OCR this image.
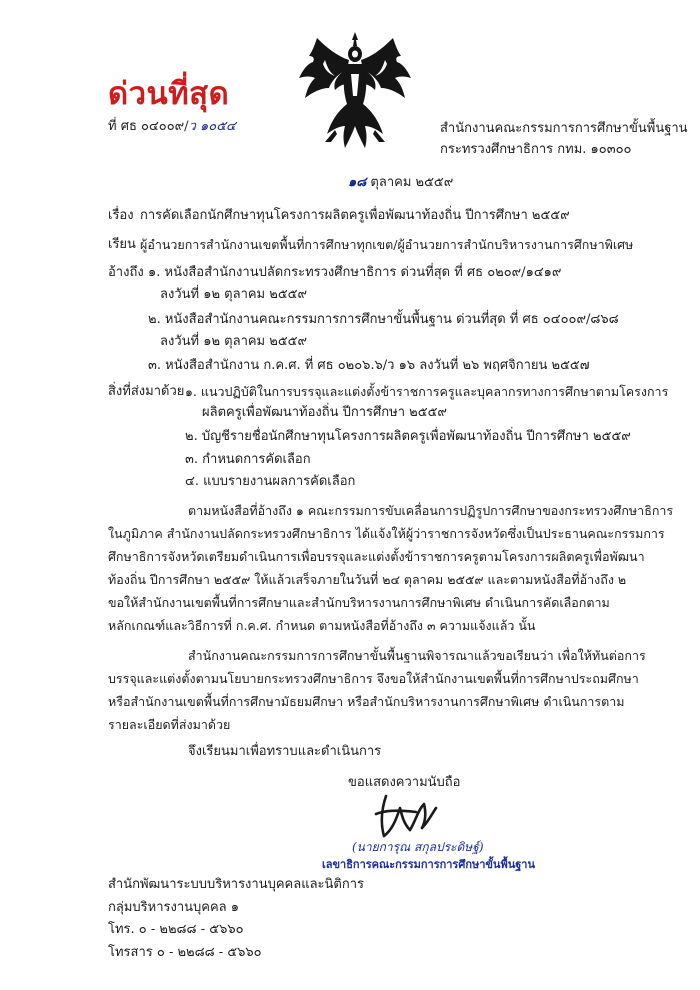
ด่วนที่สุด
ที่ ศธ ๐๔๐๐๙/ว ๑๐๕๔	สำนักงานคณะกรรมการการศึกษาขั้นพื้นฐาน
กระทรวงศึกษาธิการ กทม. ๑๐๓๐๐
๑๘ ตุลาคม ๒๕๕๙
เรื่อง การคัดเลือกนักศึกษาทุนโครงการผลิตครูเพื่อพัฒนาท้องถิ่น ปีการศึกษา ๒๕๕๙
เรียน ผู้อำนวยการสำนักงานเขตพื้นที่การศึกษาทุกเขต/ผู้อำนวยการสำนักบริหารงานการศึกษาพิเศษ
อ้างถึง ๑. หนังสือสำนักงานปลัดกระทรวงศึกษาธิการ ด่วนที่สุด ที่ ศธ ๐๒๐๙/๑๔๑๙
ลงวันที่ ๑๒ ตุลาคม ๒๕๕๙
๒. หนังสือสำนักงานคณะกรรมการการศึกษาขั้นพื้นฐาน ด่วนที่สุด ที่ ศธ ๐๔๐๐๙/๘๖๘
ลงวันที่ ๑๒ ตุลาคม ๒๕๕๙
๓. หนังสือสำนักงาน ก.ค.ศ. ที่ ศธ ๐๒๐๖.๖/ว ๑๖ ลงวันที่ ๒๖ พฤศจิกายน ๒๕๕๗
สิ่งที่ส่งมาด้วย ๑. แนวปฏิบัติในการบรรจุและแต่งตั้งข้าราชการครูและบุคลากรทางการศึกษาตามโครงการ
ผลิตครูเพื่อพัฒนาท้องถิ่น ปีการศึกษา ๒๕๕๙
๒. บัญชีรายชื่อนักศึกษาทุนโครงการผลิตครูเพื่อพัฒนาท้องถิ่น ปีการศึกษา ๒๕๕๙
๓. กำหนดการคัดเลือก
๔. แบบรายงานผลการคัดเลือก
ตามหนังสือที่อ้างถึง ๑ คณะกรรมการขับเคลื่อนการปฏิรูปการศึกษาของกระทรวงศึกษาธิการ
ในภูมิภาค สำนักงานปลัดกระทรวงศึกษาธิการ ได้แจ้งให้ผู้ว่าราชการจังหวัดซึ่งเป็นประธานคณะกรรมการ
ศึกษาธิการจังหวัดเตรียมดำเนินการเพื่อบรรจุและแต่งตั้งข้าราชการครูตามโครงการผลิตครูเพื่อพัฒนา
ท้องถิ่น ปีการศึกษา ๒๕๕๙ ให้แล้วเสร็จภายในวันที่ ๒๔ ตุลาคม ๒๕๕๙ และตามหนังสือที่อ้างถึง ๒
ขอให้สำนักงานเขตพื้นที่การศึกษาและสำนักบริหารงานการศึกษาพิเศษ ดำเนินการคัดเลือกตาม
หลักเกณฑ์และวิธีการที่ ก.ค.ศ. กำหนด ตามหนังสือที่อ้างถึง ๓ ความแจ้งแล้ว นั้น
สำนักงานคณะกรรมการการศึกษาขั้นพื้นฐานพิจารณาแล้วขอเรียนว่า เพื่อให้ทันต่อการ
บรรจุและแต่งตั้งตามนโยบายกระทรวงศึกษาธิการ จึงขอให้สำนักงานเขตพื้นที่การศึกษาประถมศึกษา
หรือสำนักงานเขตพื้นที่การศึกษามัธยมศึกษา หรือสำนักบริหารงานการศึกษาพิเศษ ดำเนินการตาม
รายละเอียดที่ส่งมาด้วย
จึงเรียนมาเพื่อทราบและดำเนินการ
ขอแสดงความนับถือ
(นายการุณ สกุลประดิษฐ์)
เลขาธิการคณะกรรมการการศึกษาขั้นพื้นฐาน
สำนักพัฒนาระบบบริหารงานบุคคลและนิติการ
กลุ่มบริหารงานบุคคล ๑
โทร. ๐ - ๒๒๘๘ - ๕๖๖๐
โทรสาร ๐ - ๒๒๘๘ - ๕๖๖๐
